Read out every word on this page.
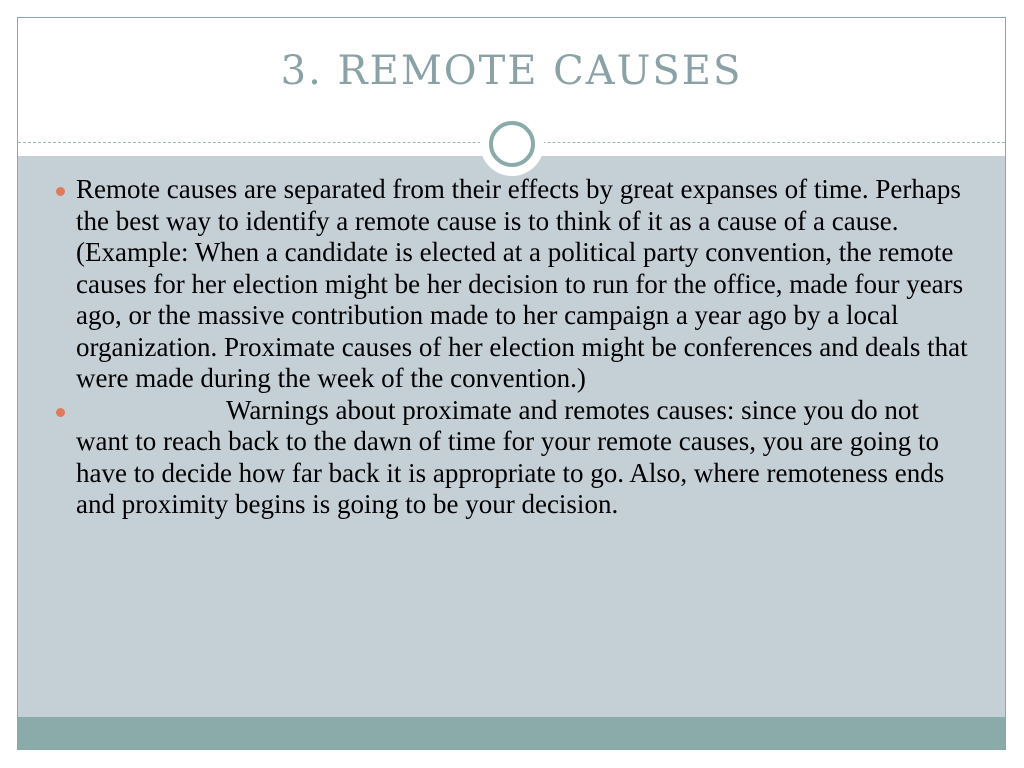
3. REMOTE CAUSES
Remote causes are separated from their effects by great expanses of time. Perhaps the best way to identify a remote cause is to think of it as a cause of a cause. (Example: When a candidate is elected at a political party convention, the remote causes for her election might be her decision to run for the office, made four years ago, or the massive contribution made to her campaign a year ago by a local organization. Proximate causes of her election might be conferences and deals that were made during the week of the convention.)
Warnings about proximate and remotes causes: since you do not want to reach back to the dawn of time for your remote causes, you are going to have to decide how far back it is appropriate to go. Also, where remoteness ends and proximity begins is going to be your decision.
